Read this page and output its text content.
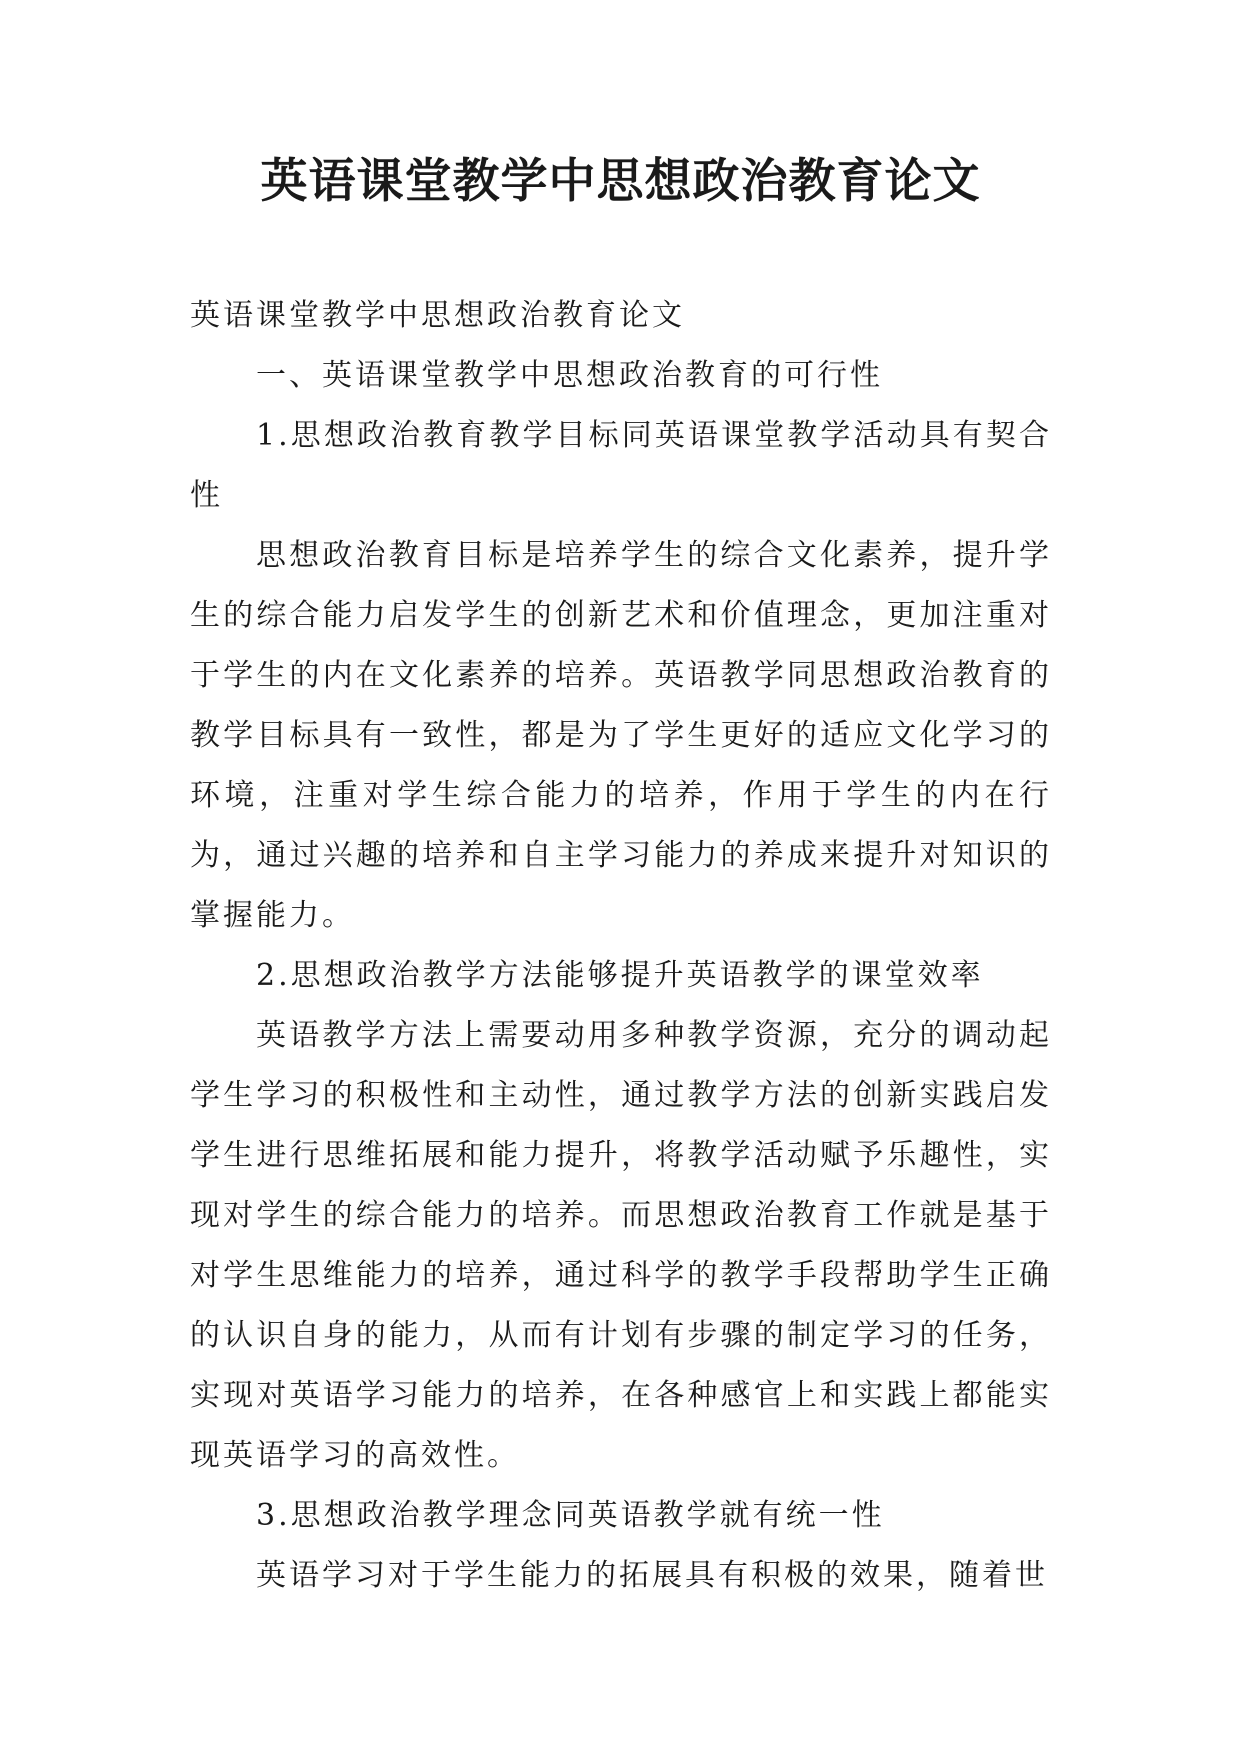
英语课堂教学中思想政治教育论文

英语课堂教学中思想政治教育论文

一、英语课堂教学中思想政治教育的可行性

1.思想政治教育教学目标同英语课堂教学活动具有契合性

思想政治教育目标是培养学生的综合文化素养，提升学生的综合能力启发学生的创新艺术和价值理念，更加注重对于学生的内在文化素养的培养。英语教学同思想政治教育的教学目标具有一致性，都是为了学生更好的适应文化学习的环境，注重对学生综合能力的培养，作用于学生的内在行为，通过兴趣的培养和自主学习能力的养成来提升对知识的掌握能力。

2.思想政治教学方法能够提升英语教学的课堂效率

英语教学方法上需要动用多种教学资源，充分的调动起学生学习的积极性和主动性，通过教学方法的创新实践启发学生进行思维拓展和能力提升，将教学活动赋予乐趣性，实现对学生的综合能力的培养。而思想政治教育工作就是基于对学生思维能力的培养，通过科学的教学手段帮助学生正确的认识自身的能力，从而有计划有步骤的制定学习的任务，实现对英语学习能力的培养，在各种感官上和实践上都能实现英语学习的高效性。

3.思想政治教学理念同英语教学就有统一性

英语学习对于学生能力的拓展具有积极的效果，随着世
